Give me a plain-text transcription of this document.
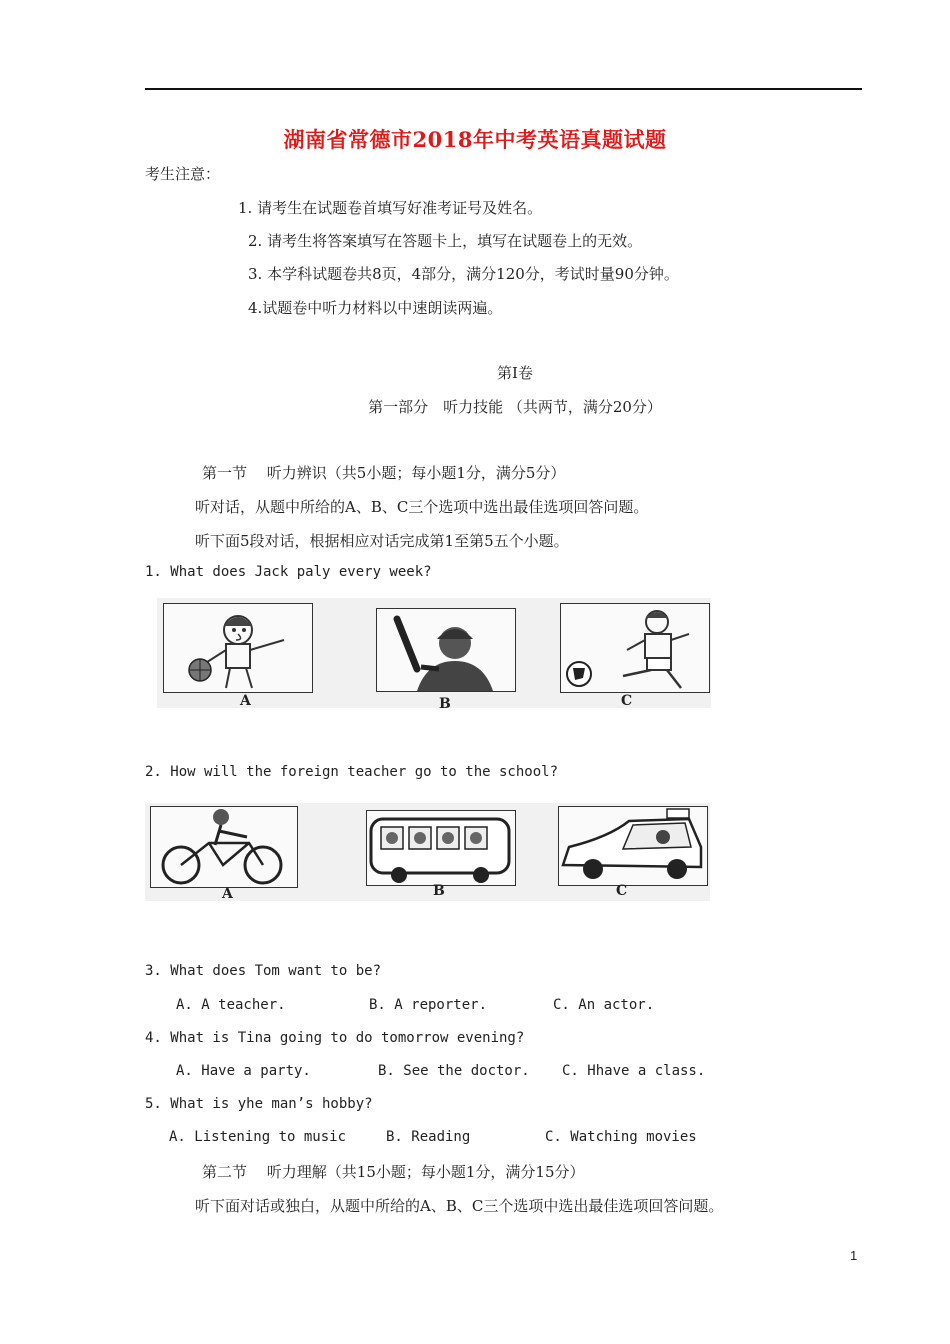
湖南省常德市2018年中考英语真题试题
考生注意：
1. 请考生在试题卷首填写好准考证号及姓名。
2. 请考生将答案填写在答题卡上，填写在试题卷上的无效。
3. 本学科试题卷共8页，4部分，满分120分，考试时量90分钟。
4.试题卷中听力材料以中速朗读两遍。
第I卷
第一部分　听力技能 （共两节，满分20分）
第一节　 听力辨识（共5小题；每小题1分，满分5分）
听对话，从题中所给的A、B、C三个选项中选出最佳选项回答问题。
听下面5段对话，根据相应对话完成第1至第5五个小题。
1. What does Jack paly every week?
A	B	C
2. How will the foreign teacher go to the school?
A	B	C
3. What does Tom want to be?
A. A teacher.	B. A reporter.	C. An actor.
4. What is Tina going to do tomorrow evening?
A. Have a party.	B. See the doctor. C. Hhave a class.
5. What is yhe man’s hobby?
A. Listening to music	B. Reading	C. Watching movies
第二节　 听力理解（共15小题；每小题1分，满分15分）
听下面对话或独白，从题中所给的A、B、C三个选项中选出最佳选项回答问题。
1
